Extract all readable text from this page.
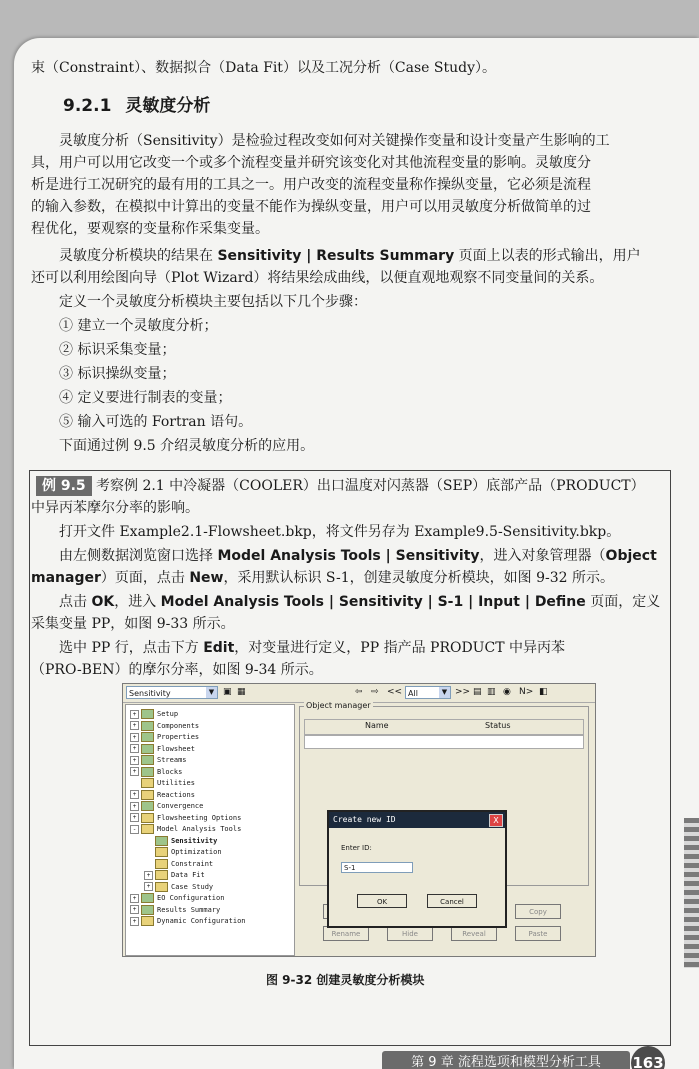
束（Constraint）、数据拟合（Data Fit）以及工况分析（Case Study）。
9.2.1 灵敏度分析
灵敏度分析（Sensitivity）是检验过程改变如何对关键操作变量和设计变量产生影响的工
具，用户可以用它改变一个或多个流程变量并研究该变化对其他流程变量的影响。灵敏度分
析是进行工况研究的最有用的工具之一。用户改变的流程变量称作操纵变量，它必须是流程
的输入参数，在模拟中计算出的变量不能作为操纵变量，用户可以用灵敏度分析做简单的过
程优化，要观察的变量称作采集变量。
灵敏度分析模块的结果在 Sensitivity | Results Summary 页面上以表的形式输出，用户
还可以利用绘图向导（Plot Wizard）将结果绘成曲线，以便直观地观察不同变量间的关系。
定义一个灵敏度分析模块主要包括以下几个步骤：
① 建立一个灵敏度分析；
② 标识采集变量；
③ 标识操纵变量；
④ 定义要进行制表的变量；
⑤ 输入可选的 Fortran 语句。
下面通过例 9.5 介绍灵敏度分析的应用。
例 9.5 考察例 2.1 中冷凝器（COOLER）出口温度对闪蒸器（SEP）底部产品（PRODUCT）
中异丙苯摩尔分率的影响。
打开文件 Example2.1-Flowsheet.bkp，将文件另存为 Example9.5-Sensitivity.bkp。
由左侧数据浏览窗口选择 Model Analysis Tools | Sensitivity，进入对象管理器（Object
manager）页面，点击 New，采用默认标识 S-1，创建灵敏度分析模块，如图 9-32 所示。
点击 OK，进入 Model Analysis Tools | Sensitivity | S-1 | Input | Define 页面，定义
采集变量 PP，如图 9-33 所示。
选中 PP 行，点击下方 Edit，对变量进行定义，PP 指产品 PRODUCT 中异丙苯
（PRO-BEN）的摩尔分率，如图 9-34 所示。
Sensitivity	▼ ▣ ▦	⇦ ⇨ << All	▼ >> ▤ ▥ ◉ N> ◧
+	Setup
+	Components
+	Properties
+	Flowsheet
+	Streams
+	Blocks
Utilities
+	Reactions
+	Convergence
+	Flowsheeting Options
-	Model Analysis Tools
Sensitivity
Optimization
Constraint
+	Data Fit
+	Case Study
+	EO Configuration
+	Results Summary
+	Dynamic Configuration
Object manager
Name	Status
Copy
Rename	Hide	Reveal	Paste
Create new ID	X
Enter ID:
S-1
OK	Cancel
图 9-32 创建灵敏度分析模块
第 9 章 流程选项和模型分析工具	163
